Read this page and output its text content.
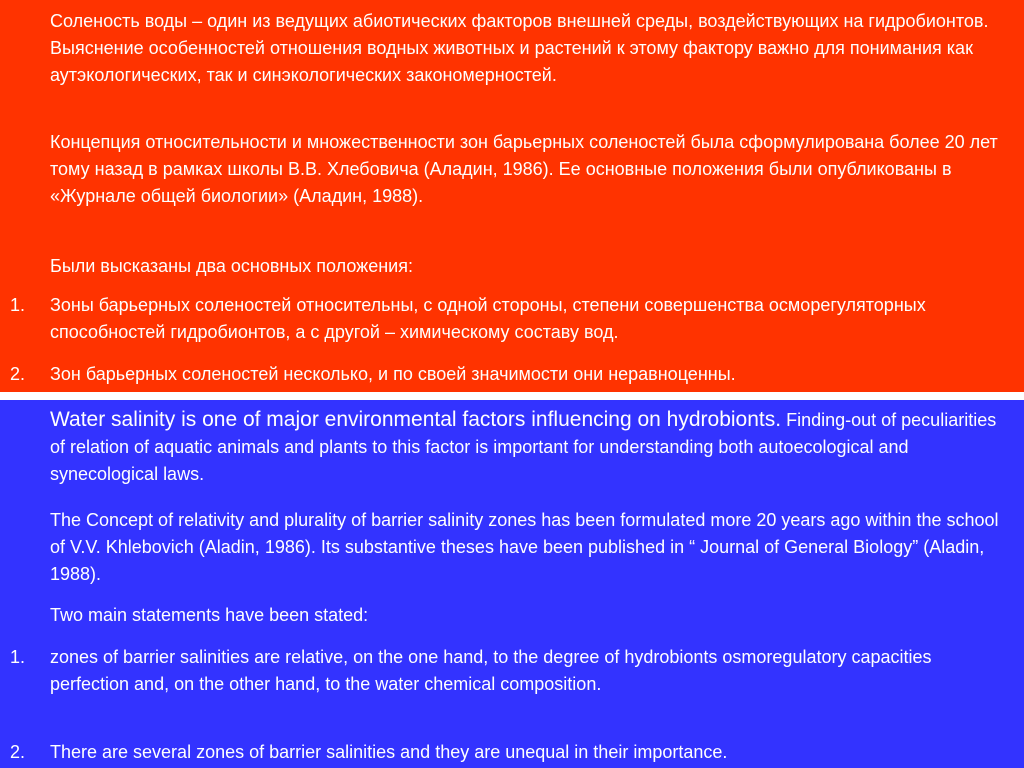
Соленость воды – один из ведущих абиотических факторов внешней среды, воздействующих на гидробионтов. Выяснение особенностей отношения водных животных и растений к этому фактору важно для понимания как аутэкологических, так и синэкологических закономерностей.

Концепция относительности и множественности зон барьерных соленостей была сформулирована более 20 лет тому назад в рамках школы В.В. Хлебовича (Аладин, 1986). Ее основные положения были опубликованы в «Журнале общей биологии» (Аладин, 1988).

Были высказаны два основных положения:

1.	Зоны барьерных соленостей относительны, с одной стороны, степени совершенства осморегуляторных способностей гидробионтов, а с другой – химическому составу вод.
2.	Зон барьерных соленостей несколько, и по своей значимости они неравноценны.

Water salinity is one of major environmental factors influencing on hydrobionts. Finding-out of peculiarities of relation of aquatic animals and plants to this factor is important for understanding both autoecological and synecological laws.

The Concept of relativity and plurality of barrier salinity zones has been formulated more 20 years ago within the school of V.V. Khlebovich (Aladin, 1986). Its substantive theses have been published in “ Journal of General Biology” (Aladin, 1988).

Two main statements have been stated:

1.	zones of barrier salinities are relative, on the one hand, to the degree of hydrobionts osmoregulatory capacities perfection and, on the other hand, to the water chemical composition.
2.	There are several zones of barrier salinities and they are unequal in their importance.
